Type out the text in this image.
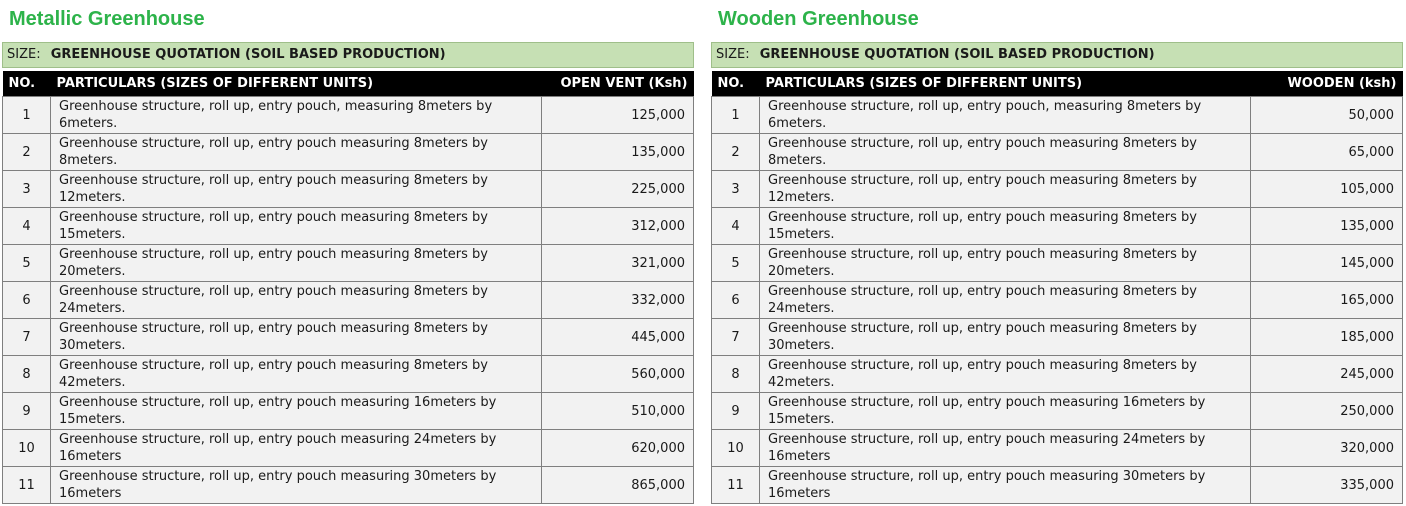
Metallic Greenhouse
SIZE: GREENHOUSE QUOTATION (SOIL BASED PRODUCTION)
NO.	PARTICULARS (SIZES OF DIFFERENT UNITS)	OPEN VENT (Ksh)
1	Greenhouse structure, roll up, entry pouch, measuring 8meters by 6meters.	125,000
2	Greenhouse structure, roll up, entry pouch measuring 8meters by 8meters.	135,000
3	Greenhouse structure, roll up, entry pouch measuring 8meters by 12meters.	225,000
4	Greenhouse structure, roll up, entry pouch measuring 8meters by 15meters.	312,000
5	Greenhouse structure, roll up, entry pouch measuring 8meters by 20meters.	321,000
6	Greenhouse structure, roll up, entry pouch measuring 8meters by 24meters.	332,000
7	Greenhouse structure, roll up, entry pouch measuring 8meters by 30meters.	445,000
8	Greenhouse structure, roll up, entry pouch measuring 8meters by 42meters.	560,000
9	Greenhouse structure, roll up, entry pouch measuring 16meters by 15meters.	510,000
10	Greenhouse structure, roll up, entry pouch measuring 24meters by 16meters	620,000
11	Greenhouse structure, roll up, entry pouch measuring 30meters by 16meters	865,000
Wooden Greenhouse
SIZE: GREENHOUSE QUOTATION (SOIL BASED PRODUCTION)
NO.	PARTICULARS (SIZES OF DIFFERENT UNITS)	WOODEN (ksh)
1	Greenhouse structure, roll up, entry pouch, measuring 8meters by 6meters.	50,000
2	Greenhouse structure, roll up, entry pouch measuring 8meters by 8meters.	65,000
3	Greenhouse structure, roll up, entry pouch measuring 8meters by 12meters.	105,000
4	Greenhouse structure, roll up, entry pouch measuring 8meters by 15meters.	135,000
5	Greenhouse structure, roll up, entry pouch measuring 8meters by 20meters.	145,000
6	Greenhouse structure, roll up, entry pouch measuring 8meters by 24meters.	165,000
7	Greenhouse structure, roll up, entry pouch measuring 8meters by 30meters.	185,000
8	Greenhouse structure, roll up, entry pouch measuring 8meters by 42meters.	245,000
9	Greenhouse structure, roll up, entry pouch measuring 16meters by 15meters.	250,000
10	Greenhouse structure, roll up, entry pouch measuring 24meters by 16meters	320,000
11	Greenhouse structure, roll up, entry pouch measuring 30meters by 16meters	335,000
